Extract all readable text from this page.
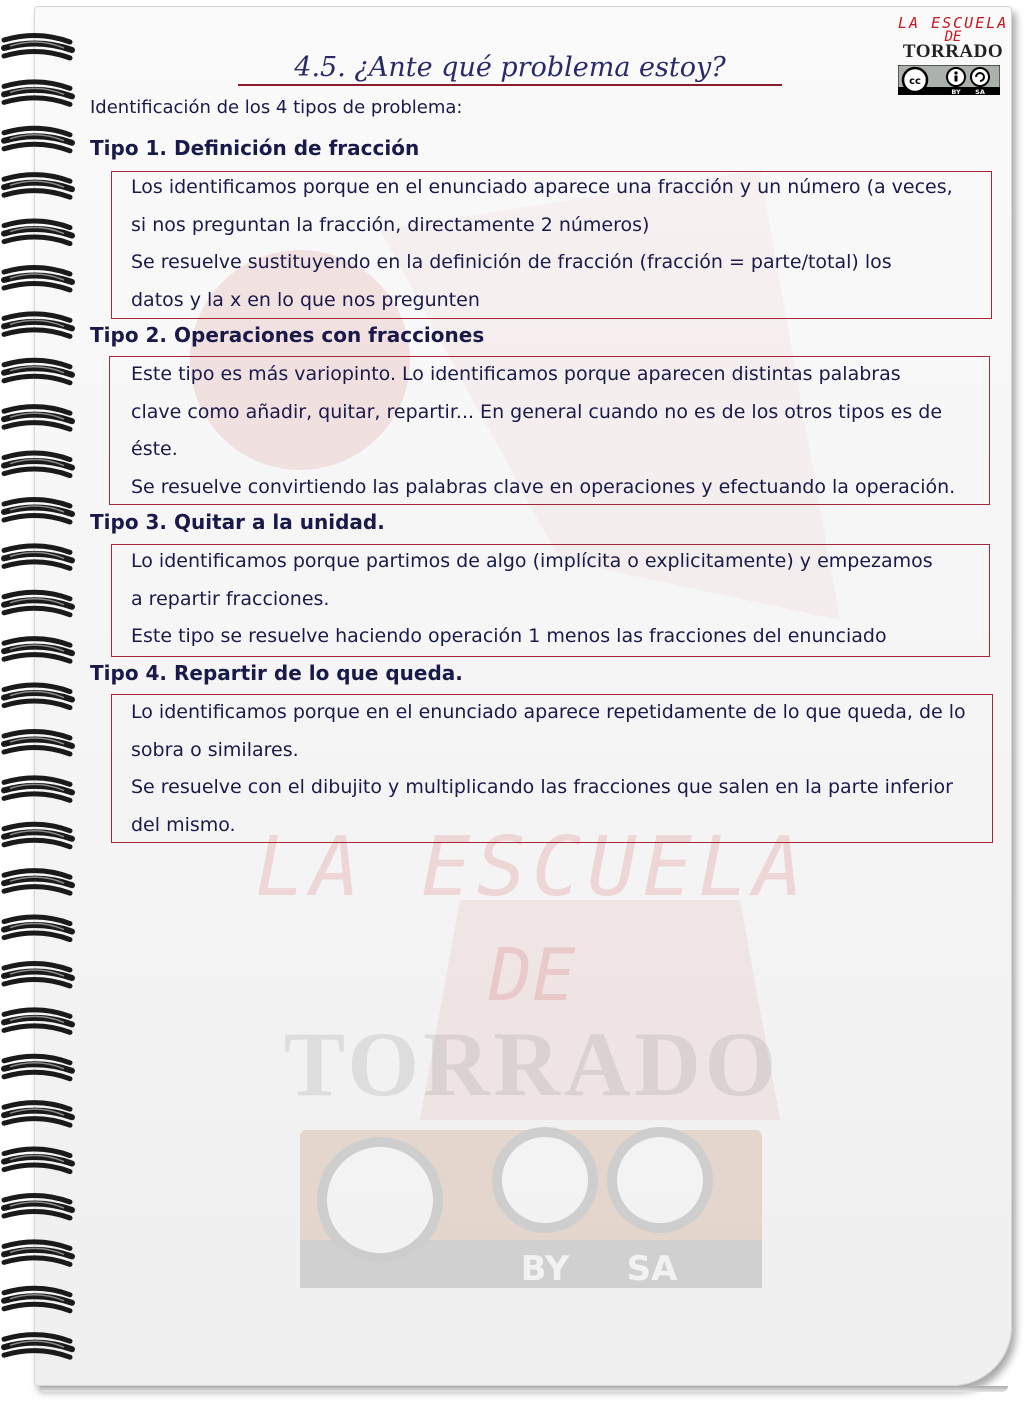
LA ESCUELA
DE
TORRADO
cc
BY SA
4.5. ¿Ante qué problema estoy?
Identificación de los 4 tipos de problema:
Tipo 1. Definición de fracción

Los identificamos porque en el enunciado aparece una fracción y un número (a veces,

si nos preguntan la fracción, directamente 2 números)

Se resuelve sustituyendo en la definición de fracción (fracción = parte/total) los

datos y la x en lo que nos pregunten

Tipo 2. Operaciones con fracciones

Este tipo es más variopinto. Lo identificamos porque aparecen distintas palabras

clave como añadir, quitar, repartir... En general cuando no es de los otros tipos es de

éste.

Se resuelve convirtiendo las palabras clave en operaciones y efectuando la operación.

Tipo 3. Quitar a la unidad.

Lo identificamos porque partimos de algo (implícita o explicitamente) y empezamos

a repartir fracciones.

Este tipo se resuelve haciendo operación 1 menos las fracciones del enunciado

Tipo 4. Repartir de lo que queda.

Lo identificamos porque en el enunciado aparece repetidamente de lo que queda, de lo

sobra o similares.

Se resuelve con el dibujito y multiplicando las fracciones que salen en la parte inferior

del mismo.
